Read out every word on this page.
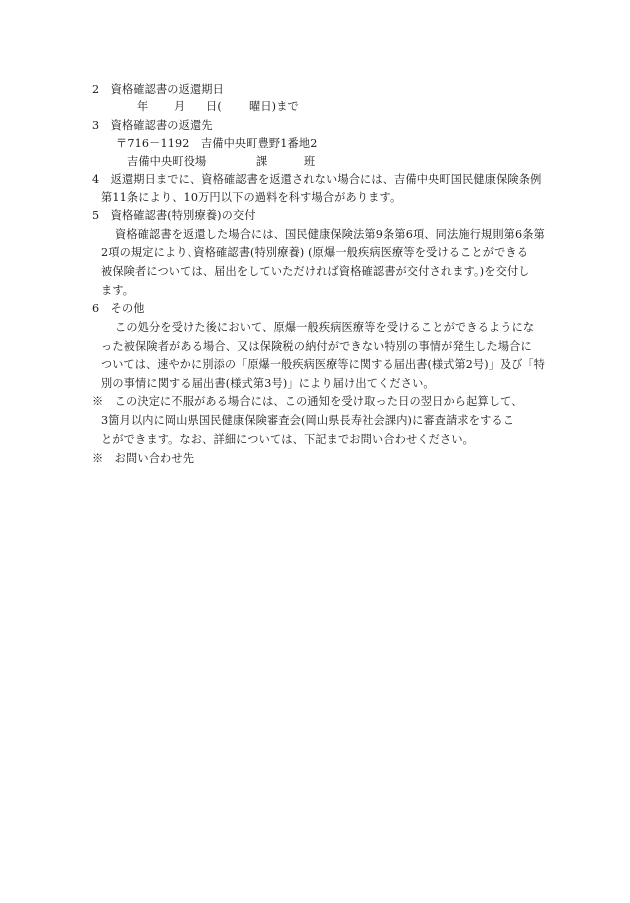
2　資格確認書の返還期日
年 月 日( 曜日)まで
3　資格確認書の返還先
〒716－1192　吉備中央町豊野1番地2
吉備中央町役場	課	班
4　返還期日までに、資格確認書を返還されない場合には、吉備中央町国民健康保険条例
第11条により、10万円以下の過料を科す場合があります。
5　資格確認書(特別療養)の交付
資格確認書を返還した場合には、国民健康保険法第9条第6項、同法施行規則第6条第
2項の規定により､資格確認書(特別療養) (原爆一般疾病医療等を受けることができる
被保険者については、届出をしていただければ資格確認書が交付されます。)を交付し
ます。
6　その他
この処分を受けた後において、原爆一般疾病医療等を受けることができるようにな
った被保険者がある場合、又は保険税の納付ができない特別の事情が発生した場合に
ついては、速やかに別添の「原爆一般疾病医療等に関する届出書(様式第2号)」及び「特
別の事情に関する届出書(様式第3号)」により届け出てください。
※　この決定に不服がある場合には、この通知を受け取った日の翌日から起算して、
3箇月以内に岡山県国民健康保険審査会(岡山県長寿社会課内)に審査請求をするこ
とができます。なお、詳細については、下記までお問い合わせください。
※　お問い合わせ先
